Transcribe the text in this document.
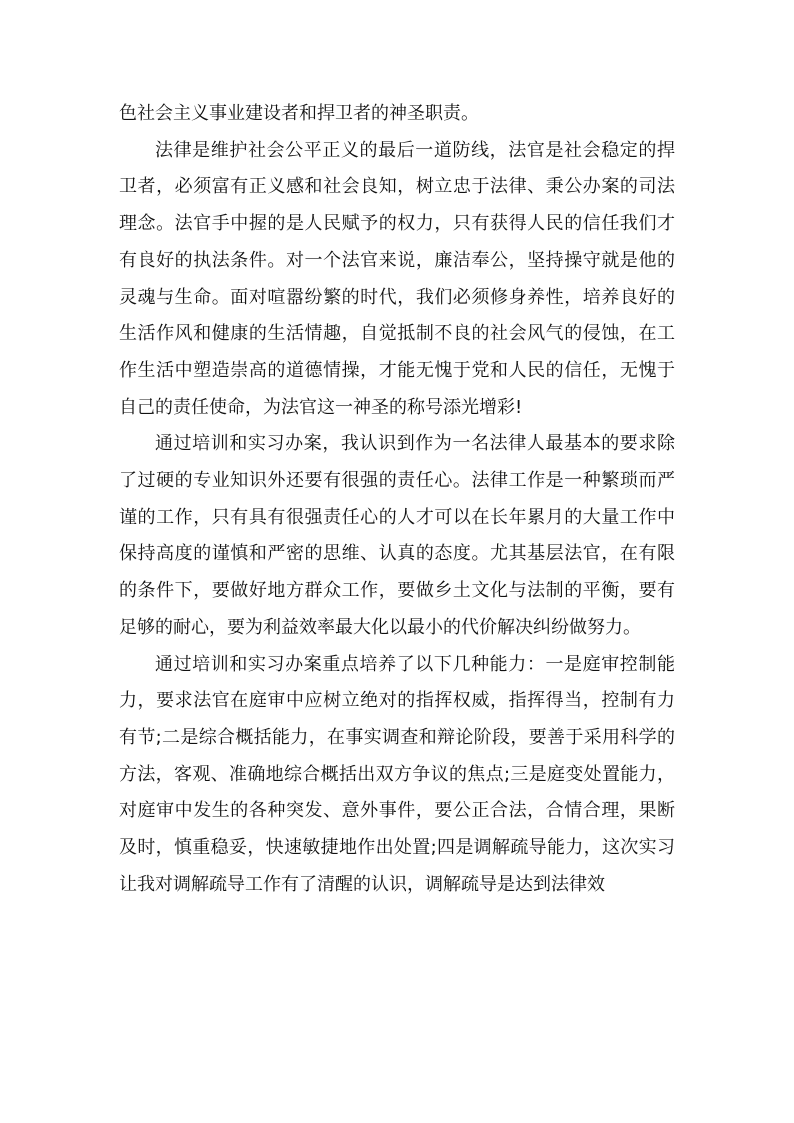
色社会主义事业建设者和捍卫者的神圣职责。

法律是维护社会公平正义的最后一道防线，法官是社会稳定的捍卫者，必须富有正义感和社会良知，树立忠于法律、秉公办案的司法理念。法官手中握的是人民赋予的权力，只有获得人民的信任我们才有良好的执法条件。对一个法官来说，廉洁奉公，坚持操守就是他的灵魂与生命。面对喧嚣纷繁的时代，我们必须修身养性，培养良好的生活作风和健康的生活情趣，自觉抵制不良的社会风气的侵蚀，在工作生活中塑造崇高的道德情操，才能无愧于党和人民的信任，无愧于自己的责任使命，为法官这一神圣的称号添光增彩!

通过培训和实习办案，我认识到作为一名法律人最基本的要求除了过硬的专业知识外还要有很强的责任心。法律工作是一种繁琐而严谨的工作，只有具有很强责任心的人才可以在长年累月的大量工作中保持高度的谨慎和严密的思维、认真的态度。尤其基层法官，在有限的条件下，要做好地方群众工作，要做乡土文化与法制的平衡，要有足够的耐心，要为利益效率最大化以最小的代价解决纠纷做努力。

通过培训和实习办案重点培养了以下几种能力：一是庭审控制能力，要求法官在庭审中应树立绝对的指挥权威，指挥得当，控制有力有节;二是综合概括能力，在事实调查和辩论阶段，要善于采用科学的方法，客观、准确地综合概括出双方争议的焦点;三是庭变处置能力，对庭审中发生的各种突发、意外事件，要公正合法，合情合理，果断及时，慎重稳妥，快速敏捷地作出处置;四是调解疏导能力，这次实习让我对调解疏导工作有了清醒的认识，调解疏导是达到法律效
